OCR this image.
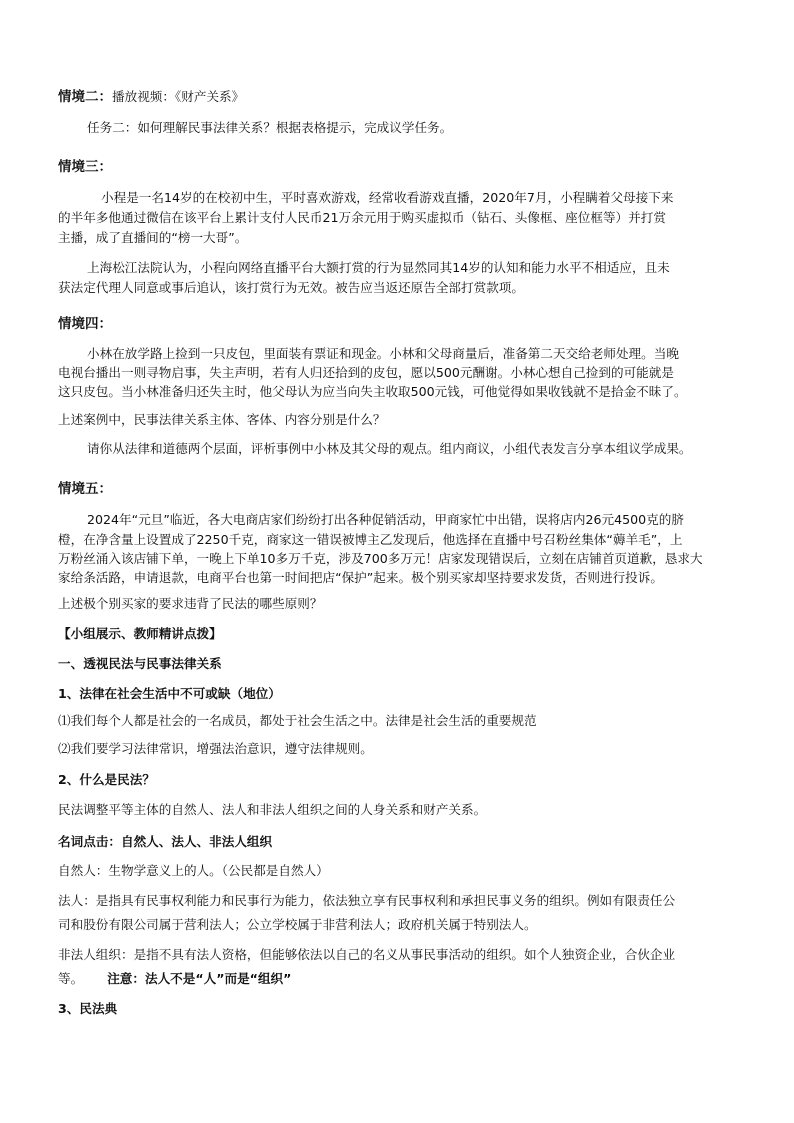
情境二：播放视频：《财产关系》
任务二：如何理解民事法律关系？根据表格提示，完成议学任务。
情境三：
小程是一名14岁的在校初中生，平时喜欢游戏，经常收看游戏直播，2020年7月，小程瞒着父母接下来
的半年多他通过微信在该平台上累计支付人民币21万余元用于购买虚拟币（钻石、头像框、座位框等）并打赏
主播，成了直播间的“榜一大哥”。
上海松江法院认为，小程向网络直播平台大额打赏的行为显然同其14岁的认知和能力水平不相适应，且未
获法定代理人同意或事后追认，该打赏行为无效。被告应当返还原告全部打赏款项。
情境四：
小林在放学路上捡到一只皮包，里面装有票证和现金。小林和父母商量后，准备第二天交给老师处理。当晚
电视台播出一则寻物启事，失主声明，若有人归还拾到的皮包，愿以500元酬谢。小林心想自己捡到的可能就是
这只皮包。当小林准备归还失主时，他父母认为应当向失主收取500元钱，可他觉得如果收钱就不是拾金不昧了。
上述案例中，民事法律关系主体、客体、内容分别是什么？
请你从法律和道德两个层面，评析事例中小林及其父母的观点。组内商议，小组代表发言分享本组议学成果。
情境五：
2024年“元旦”临近，各大电商店家们纷纷打出各种促销活动，甲商家忙中出错，误将店内26元4500克的脐
橙，在净含量上设置成了2250千克，商家这一错误被博主乙发现后，他选择在直播中号召粉丝集体“薅羊毛”，上
万粉丝涌入该店铺下单，一晚上下单10多万千克，涉及700多万元！店家发现错误后，立刻在店铺首页道歉，恳求大
家给条活路，申请退款，电商平台也第一时间把店“保护”起来。极个别买家却坚持要求发货，否则进行投诉。
上述极个别买家的要求违背了民法的哪些原则？
【小组展示、教师精讲点拨】
一、透视民法与民事法律关系
1、法律在社会生活中不可或缺（地位）
⑴我们每个人都是社会的一名成员，都处于社会生活之中。法律是社会生活的重要规范
⑵我们要学习法律常识，增强法治意识，遵守法律规则。
2、什么是民法？
民法调整平等主体的自然人、法人和非法人组织之间的人身关系和财产关系。
名词点击：自然人、法人、非法人组织
自然人：生物学意义上的人。（公民都是自然人）
法人：是指具有民事权利能力和民事行为能力，依法独立享有民事权利和承担民事义务的组织。例如有限责任公
司和股份有限公司属于营利法人；公立学校属于非营利法人；政府机关属于特别法人。
非法人组织：是指不具有法人资格，但能够依法以自己的名义从事民事活动的组织。如个人独资企业，合伙企业
等。 注意：法人不是“人”而是“组织”
3、民法典
